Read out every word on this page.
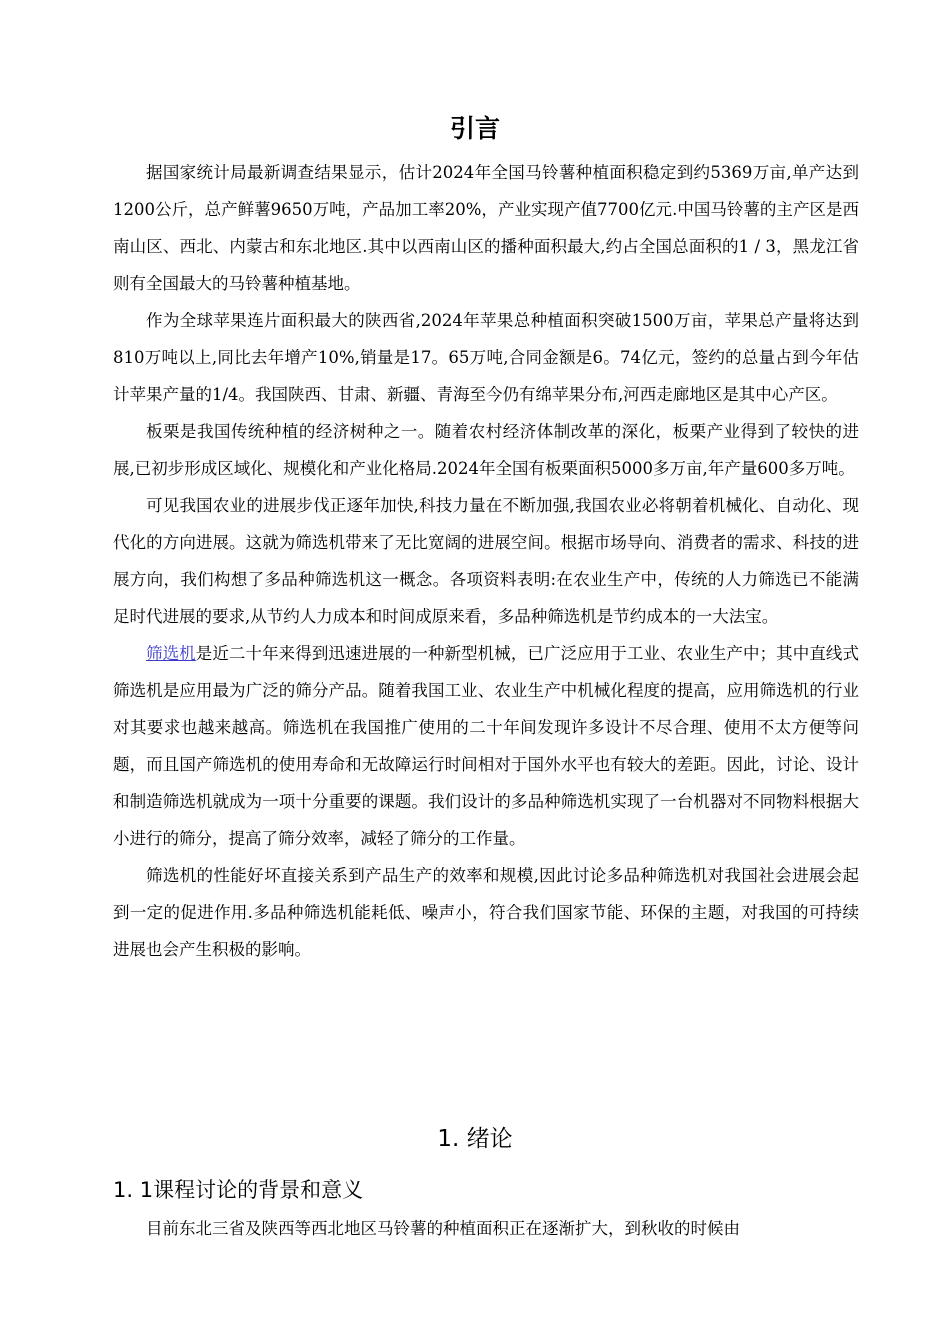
引言

据国家统计局最新调查结果显示，估计2024年全国马铃薯种植面积稳定到约5369万亩,单产达到1200公斤，总产鲜薯9650万吨，产品加工率20%，产业实现产值7700亿元.中国马铃薯的主产区是西南山区、西北、内蒙古和东北地区.其中以西南山区的播种面积最大,约占全国总面积的1 / 3，黑龙江省则有全国最大的马铃薯种植基地。

作为全球苹果连片面积最大的陕西省,2024年苹果总种植面积突破1500万亩，苹果总产量将达到810万吨以上,同比去年增产10%,销量是17。65万吨,合同金额是6。74亿元，签约的总量占到今年估计苹果产量的1/4。我国陕西、甘肃、新疆、青海至今仍有绵苹果分布,河西走廊地区是其中心产区。

板栗是我国传统种植的经济树种之一。随着农村经济体制改革的深化，板栗产业得到了较快的进展,已初步形成区域化、规模化和产业化格局.2024年全国有板栗面积5000多万亩,年产量600多万吨。

可见我国农业的进展步伐正逐年加快,科技力量在不断加强,我国农业必将朝着机械化、自动化、现代化的方向进展。这就为筛选机带来了无比宽阔的进展空间。根据市场导向、消费者的需求、科技的进展方向，我们构想了多品种筛选机这一概念。各项资料表明:在农业生产中，传统的人力筛选已不能满足时代进展的要求,从节约人力成本和时间成原来看，多品种筛选机是节约成本的一大法宝。

筛选机是近二十年来得到迅速进展的一种新型机械，已广泛应用于工业、农业生产中；其中直线式筛选机是应用最为广泛的筛分产品。随着我国工业、农业生产中机械化程度的提高，应用筛选机的行业对其要求也越来越高。筛选机在我国推广使用的二十年间发现许多设计不尽合理、使用不太方便等问题，而且国产筛选机的使用寿命和无故障运行时间相对于国外水平也有较大的差距。因此，讨论、设计和制造筛选机就成为一项十分重要的课题。我们设计的多品种筛选机实现了一台机器对不同物料根据大小进行的筛分，提高了筛分效率，减轻了筛分的工作量。

筛选机的性能好坏直接关系到产品生产的效率和规模,因此讨论多品种筛选机对我国社会进展会起到一定的促进作用.多品种筛选机能耗低、噪声小，符合我们国家节能、环保的主题，对我国的可持续进展也会产生积极的影响。

1. 绪论
1. 1课程讨论的背景和意义

目前东北三省及陕西等西北地区马铃薯的种植面积正在逐渐扩大，到秋收的时候由
